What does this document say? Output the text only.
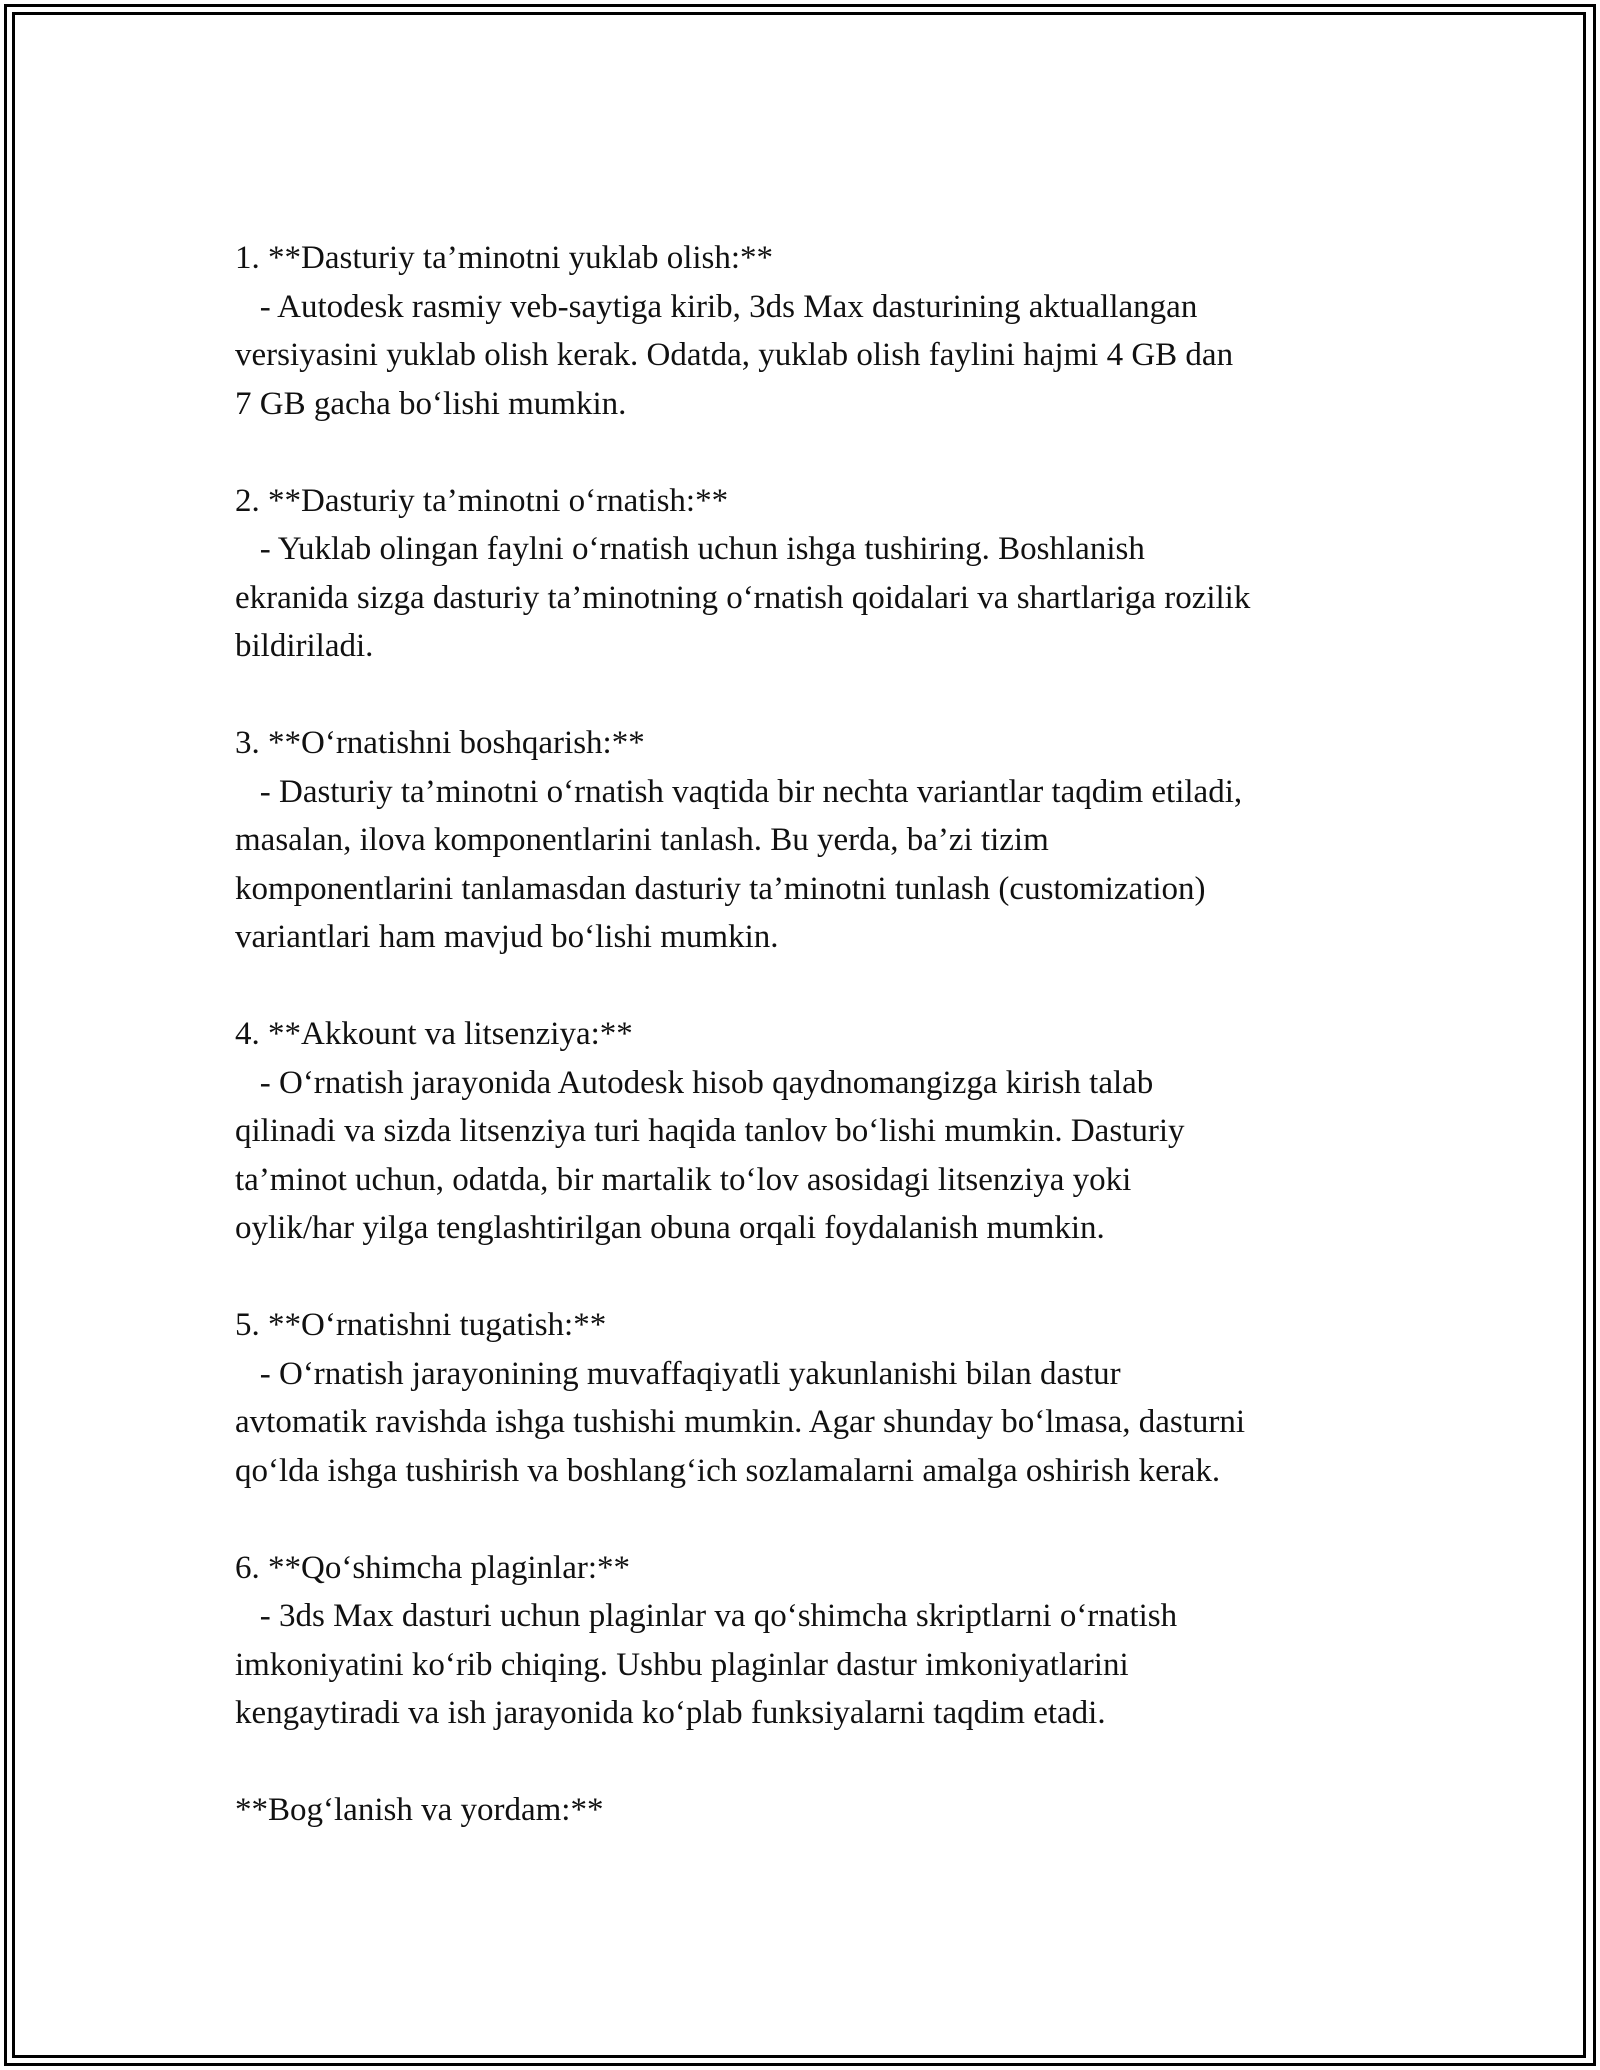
1. **Dasturiy ta’minotni yuklab olish:**
- Autodesk rasmiy veb-saytiga kirib, 3ds Max dasturining aktuallangan
versiyasini yuklab olish kerak. Odatda, yuklab olish faylini hajmi 4 GB dan
7 GB gacha bo‘lishi mumkin.
2. **Dasturiy ta’minotni o‘rnatish:**
- Yuklab olingan faylni o‘rnatish uchun ishga tushiring. Boshlanish
ekranida sizga dasturiy ta’minotning o‘rnatish qoidalari va shartlariga rozilik
bildiriladi.
3. **O‘rnatishni boshqarish:**
- Dasturiy ta’minotni o‘rnatish vaqtida bir nechta variantlar taqdim etiladi,
masalan, ilova komponentlarini tanlash. Bu yerda, ba’zi tizim
komponentlarini tanlamasdan dasturiy ta’minotni tunlash (customization)
variantlari ham mavjud bo‘lishi mumkin.
4. **Akkount va litsenziya:**
- O‘rnatish jarayonida Autodesk hisob qaydnomangizga kirish talab
qilinadi va sizda litsenziya turi haqida tanlov bo‘lishi mumkin. Dasturiy
ta’minot uchun, odatda, bir martalik to‘lov asosidagi litsenziya yoki
oylik/har yilga tenglashtirilgan obuna orqali foydalanish mumkin.
5. **O‘rnatishni tugatish:**
- O‘rnatish jarayonining muvaffaqiyatli yakunlanishi bilan dastur
avtomatik ravishda ishga tushishi mumkin. Agar shunday bo‘lmasa, dasturni
qo‘lda ishga tushirish va boshlang‘ich sozlamalarni amalga oshirish kerak.
6. **Qo‘shimcha plaginlar:**
- 3ds Max dasturi uchun plaginlar va qo‘shimcha skriptlarni o‘rnatish
imkoniyatini ko‘rib chiqing. Ushbu plaginlar dastur imkoniyatlarini
kengaytiradi va ish jarayonida ko‘plab funksiyalarni taqdim etadi.
**Bog‘lanish va yordam:**
